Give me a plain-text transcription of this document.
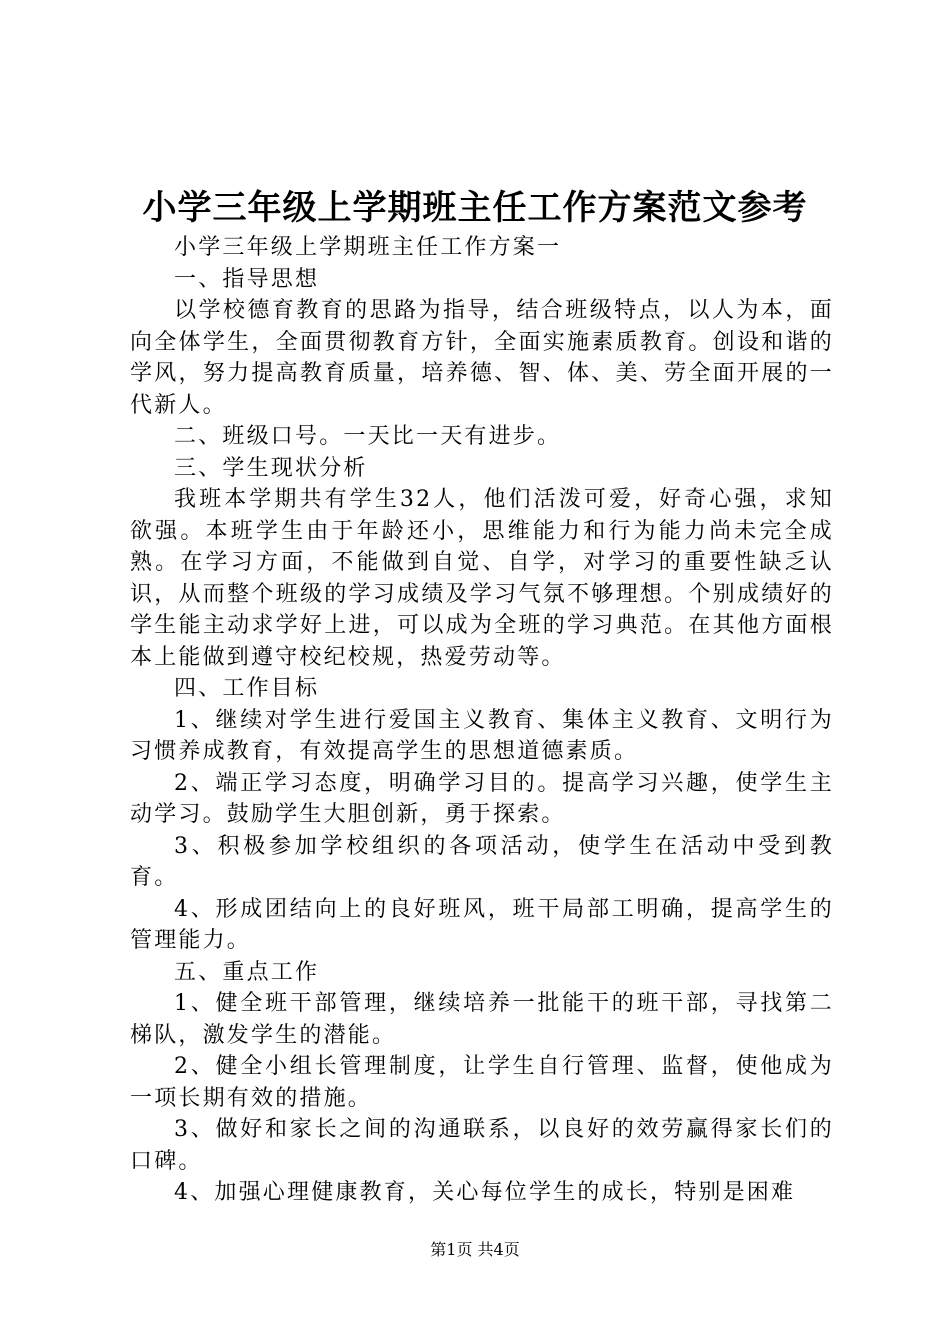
小学三年级上学期班主任工作方案范文参考

小学三年级上学期班主任工作方案一

一、指导思想

以学校德育教育的思路为指导，结合班级特点，以人为本，面向全体学生，全面贯彻教育方针，全面实施素质教育。创设和谐的学风，努力提高教育质量，培养德、智、体、美、劳全面开展的一代新人。

二、班级口号。一天比一天有进步。

三、学生现状分析

我班本学期共有学生32人，他们活泼可爱，好奇心强，求知欲强。本班学生由于年龄还小，思维能力和行为能力尚未完全成熟。在学习方面，不能做到自觉、自学，对学习的重要性缺乏认识，从而整个班级的学习成绩及学习气氛不够理想。个别成绩好的学生能主动求学好上进，可以成为全班的学习典范。在其他方面根本上能做到遵守校纪校规，热爱劳动等。

四、工作目标

1、继续对学生进行爱国主义教育、集体主义教育、文明行为习惯养成教育，有效提高学生的思想道德素质。

2、端正学习态度，明确学习目的。提高学习兴趣，使学生主动学习。鼓励学生大胆创新，勇于探索。

3、积极参加学校组织的各项活动，使学生在活动中受到教育。

4、形成团结向上的良好班风，班干局部工明确，提高学生的管理能力。

五、重点工作

1、健全班干部管理，继续培养一批能干的班干部，寻找第二梯队，激发学生的潜能。

2、健全小组长管理制度，让学生自行管理、监督，使他成为一项长期有效的措施。

3、做好和家长之间的沟通联系，以良好的效劳赢得家长们的口碑。

4、加强心理健康教育，关心每位学生的成长，特别是困难

第1页 共4页
